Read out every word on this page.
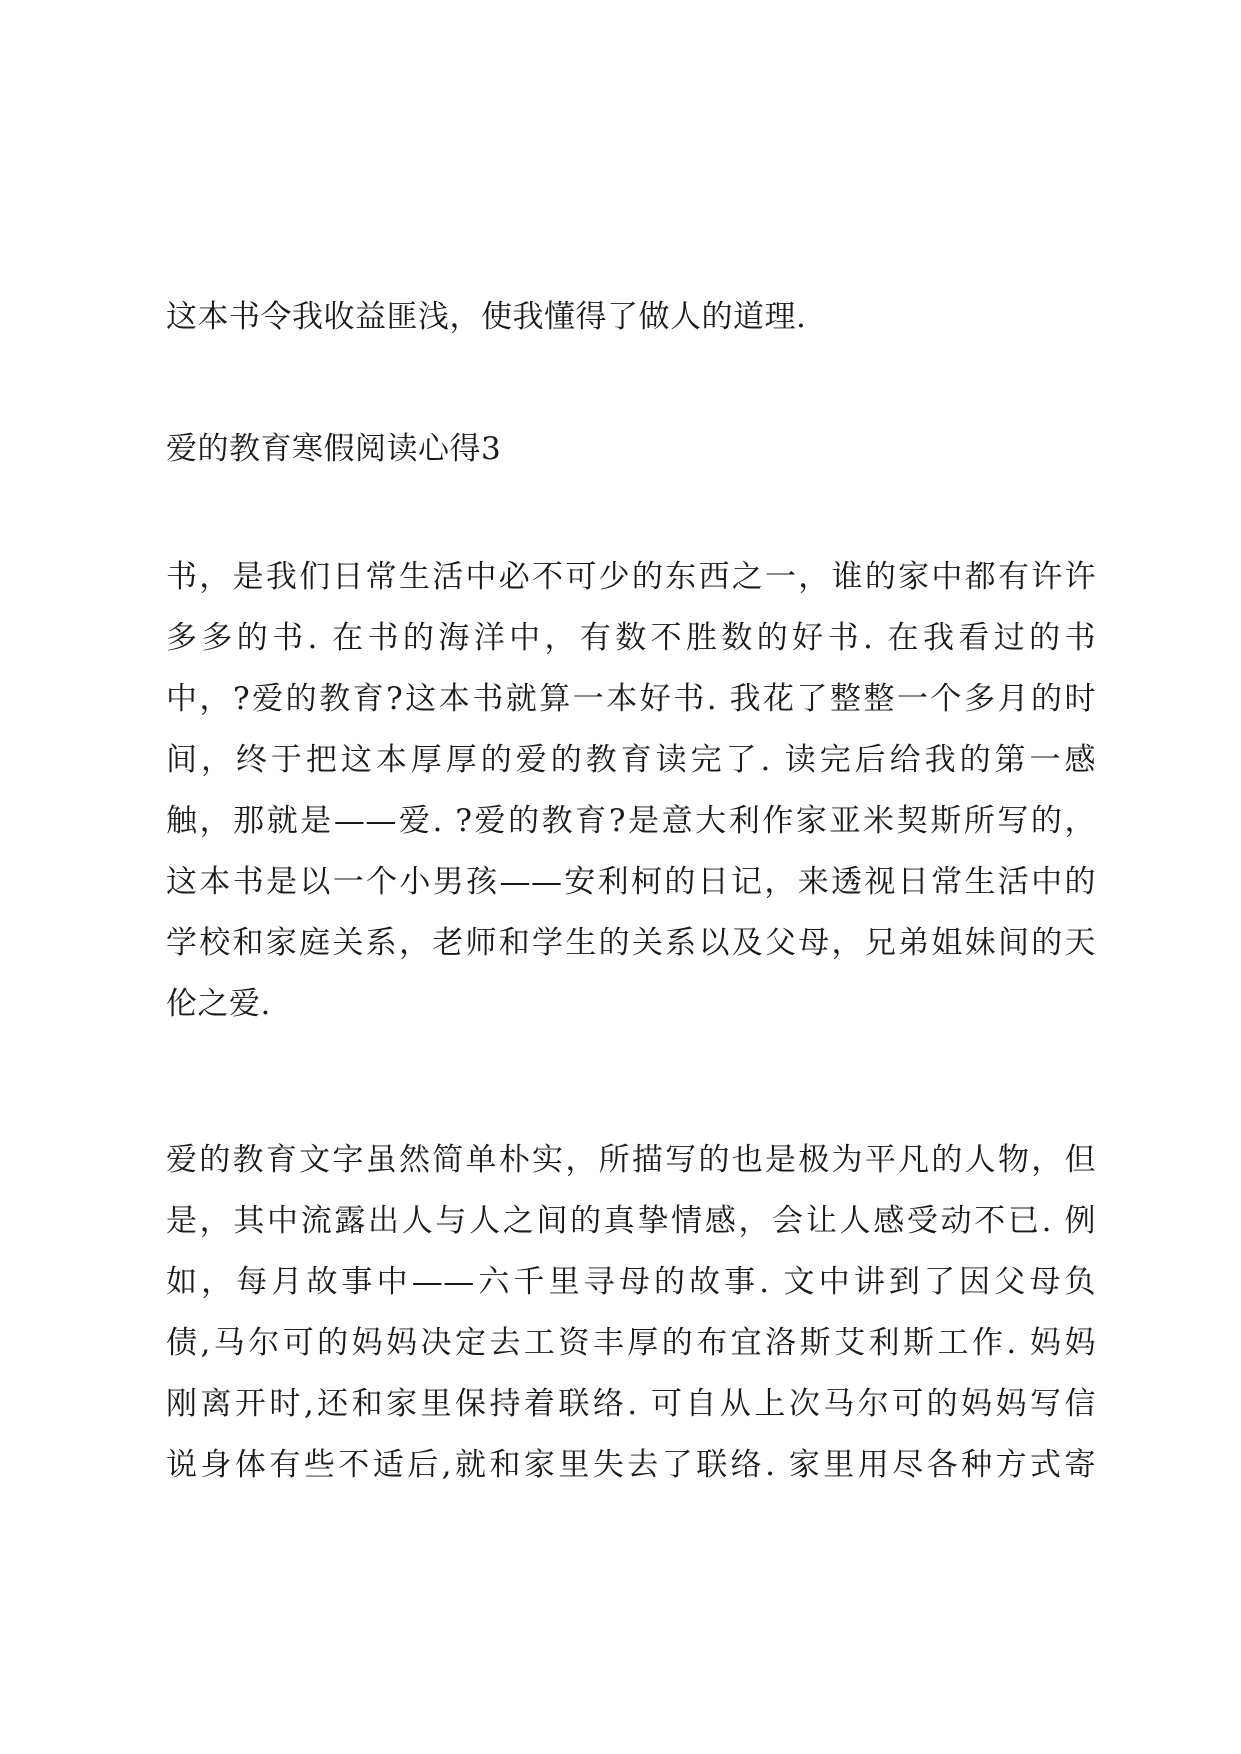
这本书令我收益匪浅，使我懂得了做人的道理.
爱的教育寒假阅读心得3
书，是我们日常生活中必不可少的东西之一，谁的家中都有许许
多多的书. 在书的海洋中，有数不胜数的好书. 在我看过的书
中，?爱的教育?这本书就算一本好书. 我花了整整一个多月的时
间，终于把这本厚厚的爱的教育读完了. 读完后给我的第一感
触，那就是——爱. ?爱的教育?是意大利作家亚米契斯所写的，
这本书是以一个小男孩——安利柯的日记，来透视日常生活中的
学校和家庭关系，老师和学生的关系以及父母，兄弟姐妹间的天
伦之爱.
爱的教育文字虽然简单朴实，所描写的也是极为平凡的人物，但
是，其中流露出人与人之间的真挚情感，会让人感受动不已. 例
如，每月故事中——六千里寻母的故事. 文中讲到了因父母负
债,马尔可的妈妈决定去工资丰厚的布宜洛斯艾利斯工作. 妈妈
刚离开时,还和家里保持着联络. 可自从上次马尔可的妈妈写信
说身体有些不适后,就和家里失去了联络. 家里用尽各种方式寄
